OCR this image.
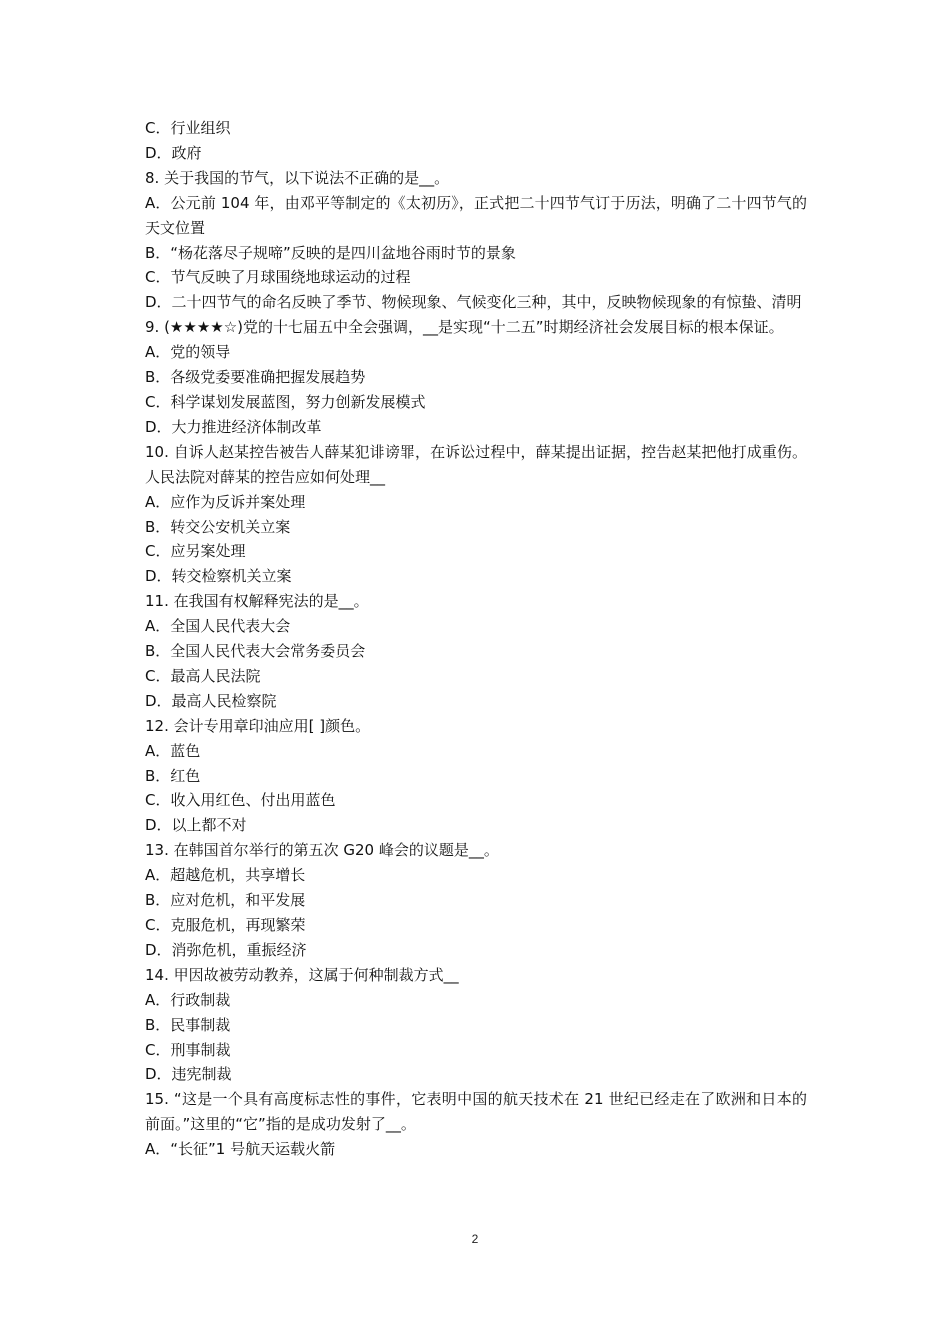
C．行业组织
D．政府
8. 关于我国的节气，以下说法不正确的是__。
A．公元前 104 年，由邓平等制定的《太初历》，正式把二十四节气订于历法，明确了二十四节气的天文位置
B．“杨花落尽子规啼”反映的是四川盆地谷雨时节的景象
C．节气反映了月球围绕地球运动的过程
D．二十四节气的命名反映了季节、物候现象、气候变化三种，其中，反映物候现象的有惊蛰、清明
9. (★★★★☆)党的十七届五中全会强调，__是实现“十二五”时期经济社会发展目标的根本保证。
A．党的领导
B．各级党委要准确把握发展趋势
C．科学谋划发展蓝图，努力创新发展模式
D．大力推进经济体制改革
10. 自诉人赵某控告被告人薛某犯诽谤罪，在诉讼过程中，薛某提出证据，控告赵某把他打成重伤。人民法院对薛某的控告应如何处理__
A．应作为反诉并案处理
B．转交公安机关立案
C．应另案处理
D．转交检察机关立案
11. 在我国有权解释宪法的是__。
A．全国人民代表大会
B．全国人民代表大会常务委员会
C．最高人民法院
D．最高人民检察院
12. 会计专用章印油应用[ ]颜色。
A．蓝色
B．红色
C．收入用红色、付出用蓝色
D．以上都不对
13. 在韩国首尔举行的第五次 G20 峰会的议题是__。
A．超越危机，共享增长
B．应对危机，和平发展
C．克服危机，再现繁荣
D．消弥危机，重振经济
14. 甲因故被劳动教养，这属于何种制裁方式__
A．行政制裁
B．民事制裁
C．刑事制裁
D．违宪制裁
15. “这是一个具有高度标志性的事件，它表明中国的航天技术在 21 世纪已经走在了欧洲和日本的前面。”这里的“它”指的是成功发射了__。
A．“长征”1 号航天运载火箭
2
